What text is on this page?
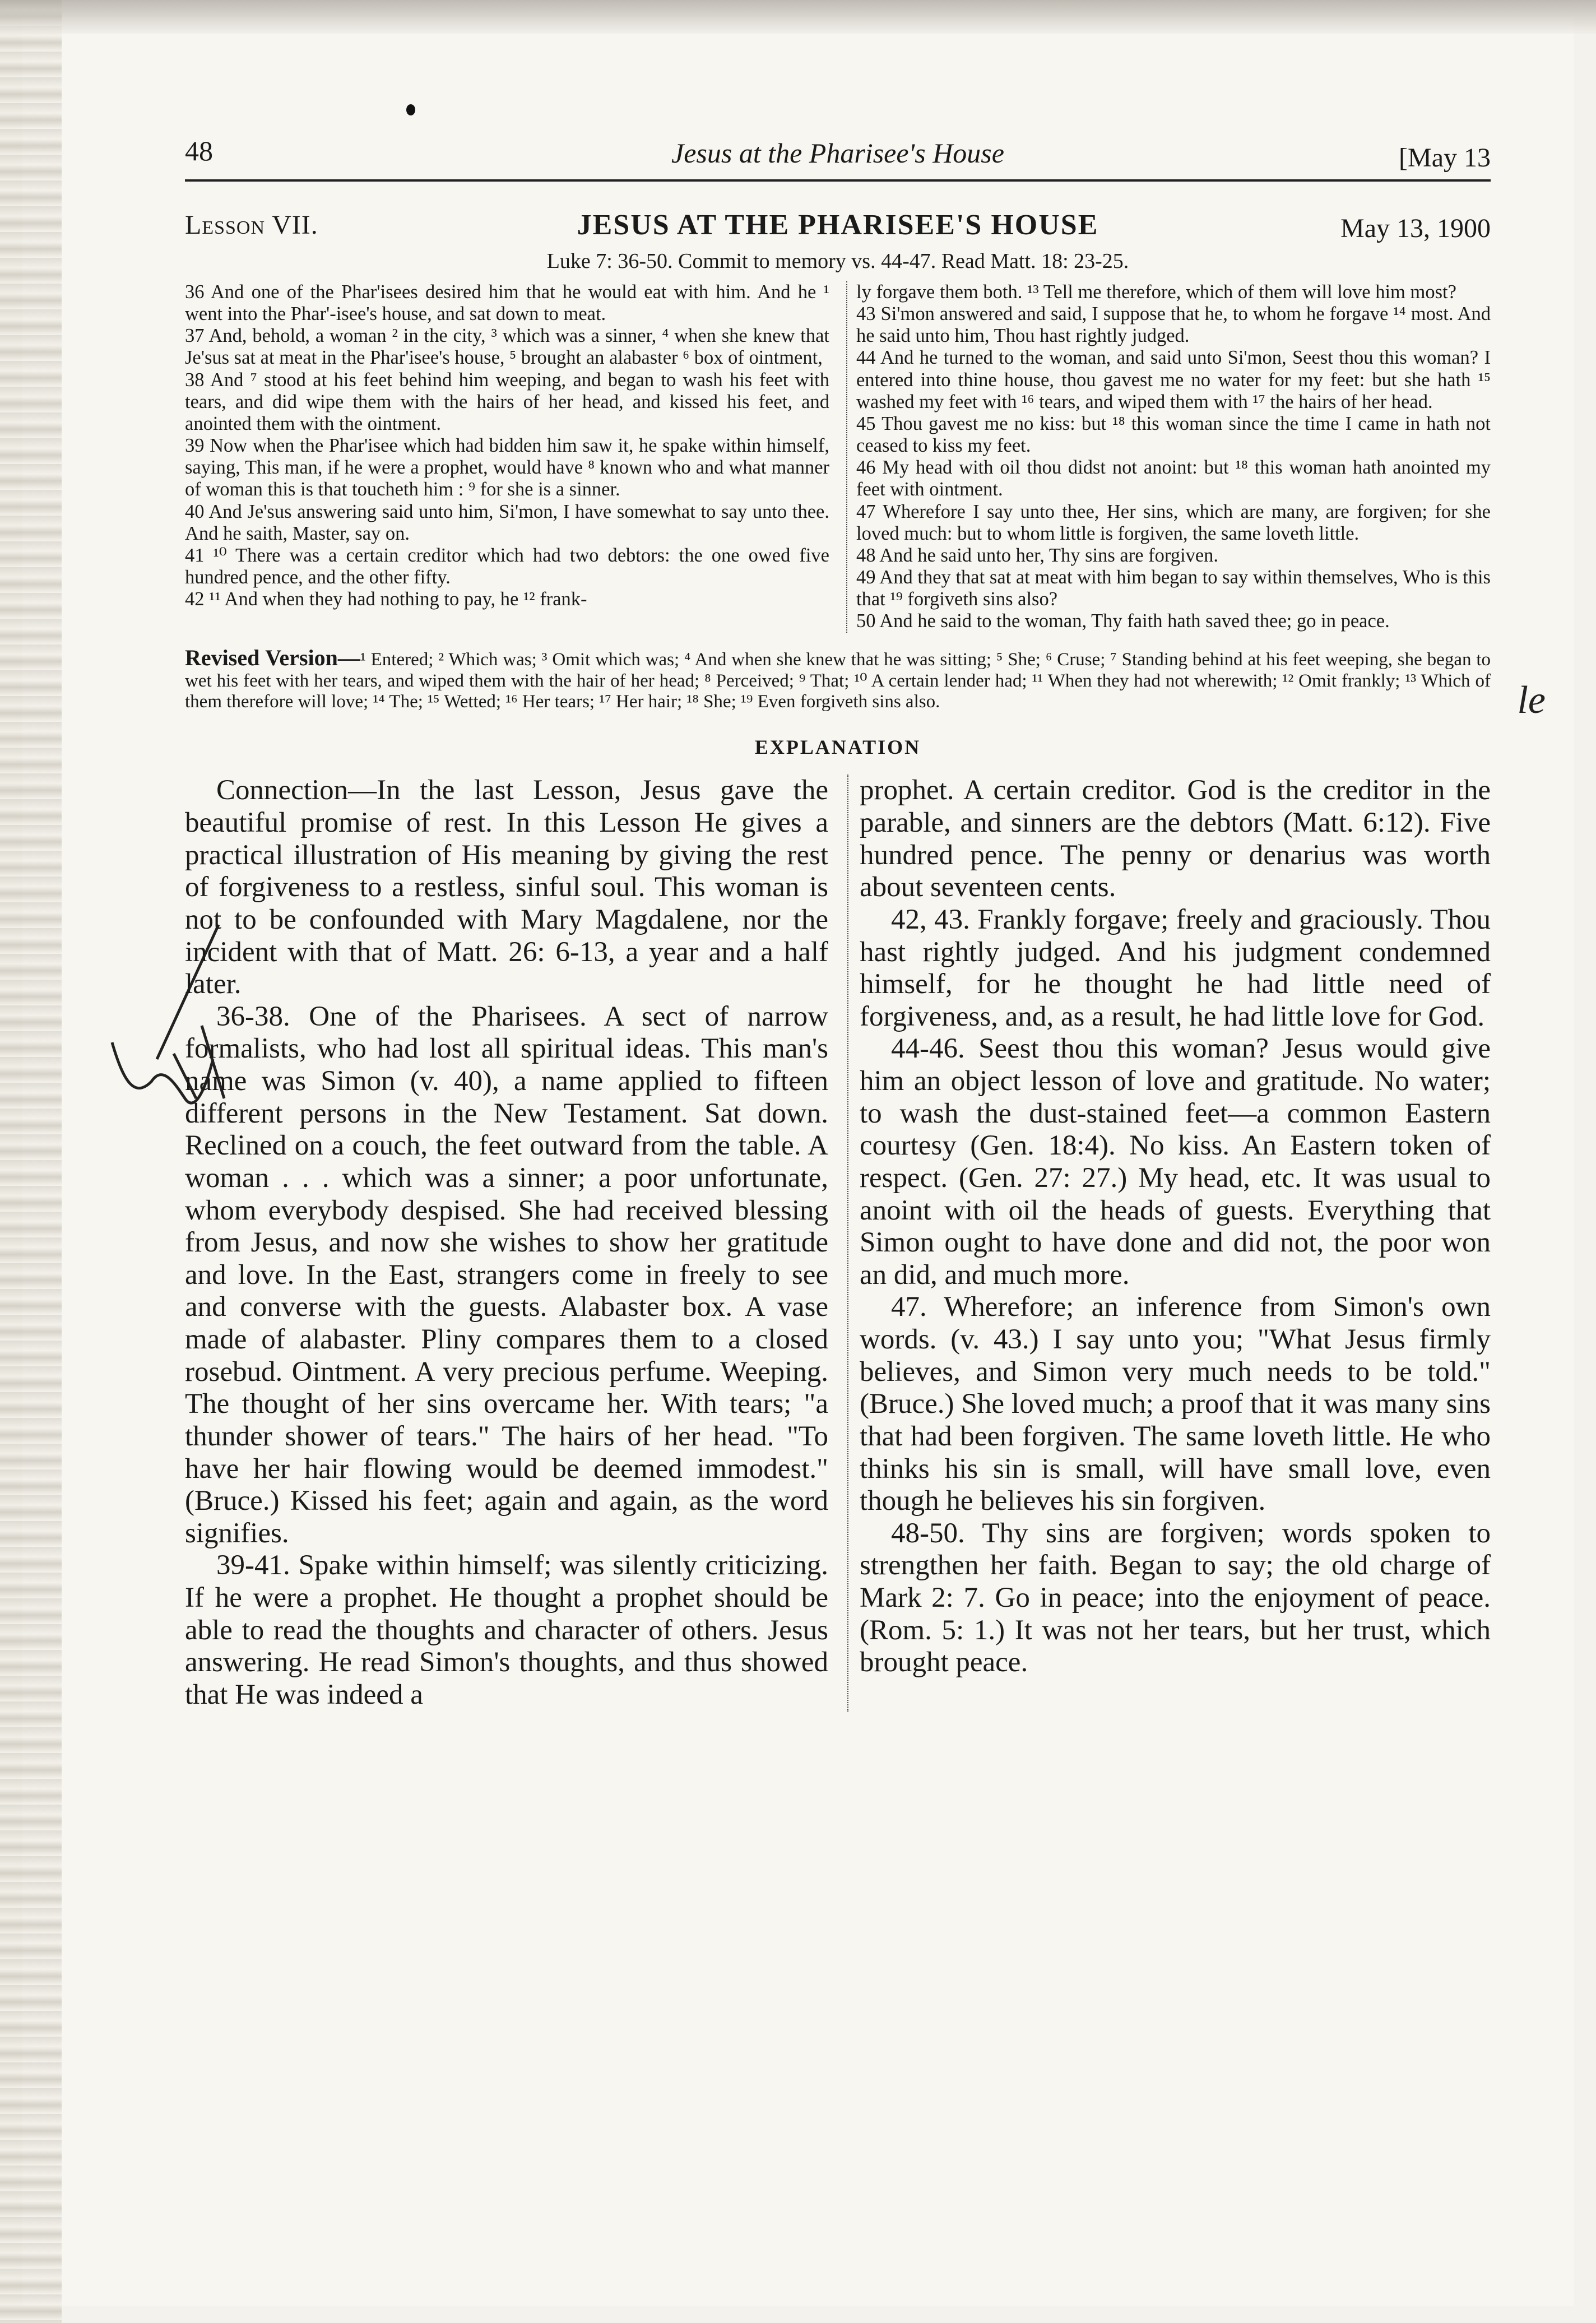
le
48	Jesus at the Pharisee's House	[May 13
Lesson VII.	JESUS AT THE PHARISEE'S HOUSE	May 13, 1900
Luke 7: 36-50. Commit to memory vs. 44-47. Read Matt. 18: 23-25.

36 And one of the Phar'isees desired him that he would eat with him. And he ¹ went into the Phar'-isee's house, and sat down to meat.

37 And, behold, a woman ² in the city, ³ which was a sinner, ⁴ when she knew that Je'sus sat at meat in the Phar'isee's house, ⁵ brought an alabaster ⁶ box of ointment,

38 And ⁷ stood at his feet behind him weeping, and began to wash his feet with tears, and did wipe them with the hairs of her head, and kissed his feet, and anointed them with the ointment.

39 Now when the Phar'isee which had bidden him saw it, he spake within himself, saying, This man, if he were a prophet, would have ⁸ known who and what manner of woman this is that toucheth him : ⁹ for she is a sinner.

40 And Je'sus answering said unto him, Si'mon, I have somewhat to say unto thee. And he saith, Master, say on.

41 ¹⁰ There was a certain creditor which had two debtors: the one owed five hundred pence, and the other fifty.

42 ¹¹ And when they had nothing to pay, he ¹² frank-

ly forgave them both. ¹³ Tell me therefore, which of them will love him most?

43 Si'mon answered and said, I suppose that he, to whom he forgave ¹⁴ most. And he said unto him, Thou hast rightly judged.

44 And he turned to the woman, and said unto Si'mon, Seest thou this woman? I entered into thine house, thou gavest me no water for my feet: but she hath ¹⁵ washed my feet with ¹⁶ tears, and wiped them with ¹⁷ the hairs of her head.

45 Thou gavest me no kiss: but ¹⁸ this woman since the time I came in hath not ceased to kiss my feet.

46 My head with oil thou didst not anoint: but ¹⁸ this woman hath anointed my feet with ointment.

47 Wherefore I say unto thee, Her sins, which are many, are forgiven; for she loved much: but to whom little is forgiven, the same loveth little.

48 And he said unto her, Thy sins are forgiven.

49 And they that sat at meat with him began to say within themselves, Who is this that ¹⁹ forgiveth sins also?

50 And he said to the woman, Thy faith hath saved thee; go in peace.

Revised Version—¹ Entered; ² Which was; ³ Omit which was; ⁴ And when she knew that he was sitting; ⁵ She; ⁶ Cruse; ⁷ Standing behind at his feet weeping, she began to wet his feet with her tears, and wiped them with the hair of her head; ⁸ Perceived; ⁹ That; ¹⁰ A certain lender had; ¹¹ When they had not wherewith; ¹² Omit frankly; ¹³ Which of them therefore will love; ¹⁴ The; ¹⁵ Wetted; ¹⁶ Her tears; ¹⁷ Her hair; ¹⁸ She; ¹⁹ Even forgiveth sins also.
EXPLANATION

Connection—In the last Lesson, Jesus gave the beautiful promise of rest. In this Lesson He gives a practical illustration of His meaning by giving the rest of forgiveness to a restless, sinful soul. This woman is not to be confounded with Mary Magdalene, nor the incident with that of Matt. 26: 6-13, a year and a half later.

36-38. One of the Pharisees. A sect of narrow formalists, who had lost all spiritual ideas. This man's name was Simon (v. 40), a name applied to fifteen different persons in the New Testament. Sat down. Reclined on a couch, the feet outward from the table. A woman . . . which was a sinner; a poor unfortunate, whom everybody despised. She had received blessing from Jesus, and now she wishes to show her gratitude and love. In the East, strangers come in freely to see and converse with the guests. Alabaster box. A vase made of alabaster. Pliny compares them to a closed rosebud. Ointment. A very precious perfume. Weeping. The thought of her sins overcame her. With tears; "a thunder shower of tears." The hairs of her head. "To have her hair flowing would be deemed immodest." (Bruce.) Kissed his feet; again and again, as the word signifies.

39-41. Spake within himself; was silently criticizing. If he were a prophet. He thought a prophet should be able to read the thoughts and character of others. Jesus answering. He read Simon's thoughts, and thus showed that He was indeed a

prophet. A certain creditor. God is the creditor in the parable, and sinners are the debtors (Matt. 6:12). Five hundred pence. The penny or denarius was worth about seventeen cents.

42, 43. Frankly forgave; freely and graciously. Thou hast rightly judged. And his judgment condemned himself, for he thought he had little need of forgiveness, and, as a result, he had little love for God.

44-46. Seest thou this woman? Jesus would give him an object lesson of love and gratitude. No water; to wash the dust-stained feet—a common Eastern courtesy (Gen. 18:4). No kiss. An Eastern token of respect. (Gen. 27: 27.) My head, etc. It was usual to anoint with oil the heads of guests. Everything that Simon ought to have done and did not, the poor won an did, and much more.

47. Wherefore; an inference from Simon's own words. (v. 43.) I say unto you; "What Jesus firmly believes, and Simon very much needs to be told." (Bruce.) She loved much; a proof that it was many sins that had been forgiven. The same loveth little. He who thinks his sin is small, will have small love, even though he believes his sin forgiven.

48-50. Thy sins are forgiven; words spoken to strengthen her faith. Began to say; the old charge of Mark 2: 7. Go in peace; into the enjoyment of peace. (Rom. 5: 1.) It was not her tears, but her trust, which brought peace.
